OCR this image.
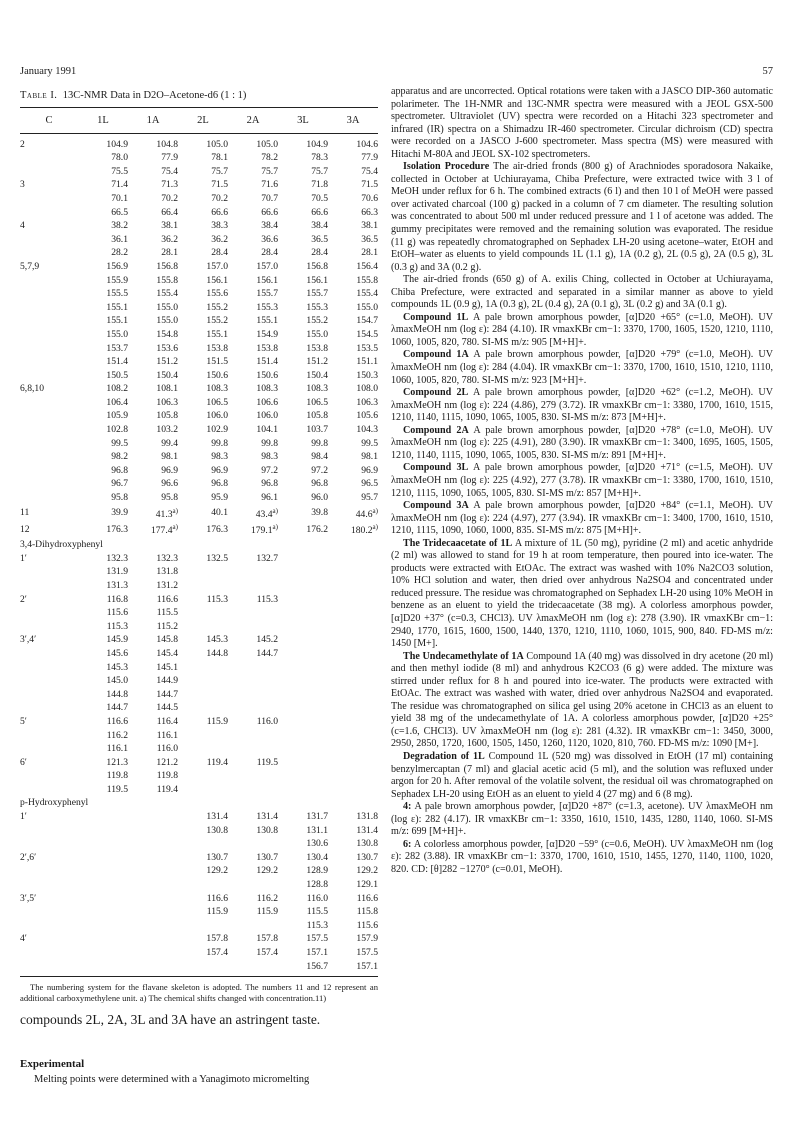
January 1991	57
Table I. 13C-NMR Data in D2O–Acetone-d6 (1 : 1)
C	1L	1A	2L	2A	3L	3A
2	104.9	104.8	105.0	105.0	104.9	104.6
	78.0	77.9	78.1	78.2	78.3	77.9
	75.5	75.4	75.7	75.7	75.7	75.4
3	71.4	71.3	71.5	71.6	71.8	71.5
	70.1	70.2	70.2	70.7	70.5	70.6
	66.5	66.4	66.6	66.6	66.6	66.3
4	38.2	38.1	38.3	38.4	38.4	38.1
	36.1	36.2	36.2	36.6	36.5	36.5
	28.2	28.1	28.4	28.4	28.4	28.1
5,7,9	156.9	156.8	157.0	157.0	156.8	156.4
	155.9	155.8	156.1	156.1	156.1	155.8
	155.5	155.4	155.6	155.7	155.7	155.4
	155.1	155.0	155.2	155.3	155.3	155.0
	155.1	155.0	155.2	155.1	155.2	154.7
	155.0	154.8	155.1	154.9	155.0	154.5
	153.7	153.6	153.8	153.8	153.8	153.5
	151.4	151.2	151.5	151.4	151.2	151.1
	150.5	150.4	150.6	150.6	150.4	150.3
6,8,10	108.2	108.1	108.3	108.3	108.3	108.0
	106.4	106.3	106.5	106.6	106.5	106.3
	105.9	105.8	106.0	106.0	105.8	105.6
	102.8	103.2	102.9	104.1	103.7	104.3
	99.5	99.4	99.8	99.8	99.8	99.5
	98.2	98.1	98.3	98.3	98.4	98.1
	96.8	96.9	96.9	97.2	97.2	96.9
	96.7	96.6	96.8	96.8	96.8	96.5
	95.8	95.8	95.9	96.1	96.0	95.7
11	39.9	41.3$^{a)}$	40.1	43.4$^{a)}$	39.8	44.6$^{a)}$
12	176.3	177.4$^{a)}$	176.3	179.1$^{a)}$	176.2	180.2$^{a)}$
3,4-Dihydroxyphenyl						
1′	132.3	132.3	132.5	132.7		
	131.9	131.8				
	131.3	131.2				
2′	116.8	116.6	115.3	115.3		
	115.6	115.5				
	115.3	115.2				
3′,4′	145.9	145.8	145.3	145.2		
	145.6	145.4	144.8	144.7		
	145.3	145.1				
	145.0	144.9				
	144.8	144.7				
	144.7	144.5				
5′	116.6	116.4	115.9	116.0		
	116.2	116.1				
	116.1	116.0				
6′	121.3	121.2	119.4	119.5		
	119.8	119.8				
	119.5	119.4				
p-Hydroxyphenyl						
1′			131.4	131.4	131.7	131.8
			130.8	130.8	131.1	131.4
					130.6	130.8
2′,6′			130.7	130.7	130.4	130.7
			129.2	129.2	128.9	129.2
					128.8	129.1
3′,5′			116.6	116.2	116.0	116.6
			115.9	115.9	115.5	115.8
					115.3	115.6
4′			157.8	157.8	157.5	157.9
			157.4	157.4	157.1	157.5
					156.7	157.1
The numbering system for the flavane skeleton is adopted. The numbers 11 and 12 represent an additional carboxymethylene unit. a) The chemical shifts changed with concentration.11)
compounds 2L, 2A, 3L and 3A have an astringent taste.
Experimental
Melting points were determined with a Yanagimoto micromelting

apparatus and are uncorrected. Optical rotations were taken with a JASCO DIP-360 automatic polarimeter. The 1H-NMR and 13C-NMR spectra were measured with a JEOL GSX-500 spectrometer. Ultraviolet (UV) spectra were recorded on a Hitachi 323 spectrometer and infrared (IR) spectra on a Shimadzu IR-460 spectrometer. Circular dichroism (CD) spectra were recorded on a JASCO J-600 spectrometer. Mass spectra (MS) were measured with Hitachi M-80A and JEOL SX-102 spectrometers.

Isolation Procedure The air-dried fronds (800 g) of Arachniodes sporadosora Nakaike, collected in October at Uchiurayama, Chiba Prefecture, were extracted twice with 3 l of MeOH under reflux for 6 h. The combined extracts (6 l) and then 10 l of MeOH were passed over activated charcoal (100 g) packed in a column of 7 cm diameter. The resulting solution was concentrated to about 500 ml under reduced pressure and 1 l of acetone was added. The gummy precipitates were removed and the remaining solution was evaporated. The residue (11 g) was repeatedly chromatographed on Sephadex LH-20 using acetone–water, EtOH and EtOH–water as eluents to yield compounds 1L (1.1 g), 1A (0.2 g), 2L (0.5 g), 2A (0.5 g), 3L (0.3 g) and 3A (0.2 g).

The air-dried fronds (650 g) of A. exilis Ching, collected in October at Uchiurayama, Chiba Prefecture, were extracted and separated in a similar manner as above to yield compounds 1L (0.9 g), 1A (0.3 g), 2L (0.4 g), 2A (0.1 g), 3L (0.2 g) and 3A (0.1 g).

Compound 1L A pale brown amorphous powder, [α]D20 +65° (c=1.0, MeOH). UV λmaxMeOH nm (log ε): 284 (4.10). IR νmaxKBr cm−1: 3370, 1700, 1605, 1520, 1210, 1110, 1060, 1005, 820, 780. SI-MS m/z: 905 [M+H]+.

Compound 1A A pale brown amorphous powder, [α]D20 +79° (c=1.0, MeOH). UV λmaxMeOH nm (log ε): 284 (4.04). IR νmaxKBr cm−1: 3370, 1700, 1610, 1510, 1210, 1110, 1060, 1005, 820, 780. SI-MS m/z: 923 [M+H]+.

Compound 2L A pale brown amorphous powder, [α]D20 +62° (c=1.2, MeOH). UV λmaxMeOH nm (log ε): 224 (4.86), 279 (3.72). IR νmaxKBr cm−1: 3380, 1700, 1610, 1515, 1210, 1140, 1115, 1090, 1065, 1005, 830. SI-MS m/z: 873 [M+H]+.

Compound 2A A pale brown amorphous powder, [α]D20 +78° (c=1.0, MeOH). UV λmaxMeOH nm (log ε): 225 (4.91), 280 (3.90). IR νmaxKBr cm−1: 3400, 1695, 1605, 1505, 1210, 1140, 1115, 1090, 1065, 1005, 830. SI-MS m/z: 891 [M+H]+.

Compound 3L A pale brown amorphous powder, [α]D20 +71° (c=1.5, MeOH). UV λmaxMeOH nm (log ε): 225 (4.92), 277 (3.78). IR νmaxKBr cm−1: 3380, 1700, 1610, 1510, 1210, 1115, 1090, 1065, 1005, 830. SI-MS m/z: 857 [M+H]+.

Compound 3A A pale brown amorphous powder, [α]D20 +84° (c=1.1, MeOH). UV λmaxMeOH nm (log ε): 224 (4.97), 277 (3.94). IR νmaxKBr cm−1: 3400, 1700, 1610, 1510, 1210, 1115, 1090, 1060, 1000, 835. SI-MS m/z: 875 [M+H]+.

The Tridecaacetate of 1L A mixture of 1L (50 mg), pyridine (2 ml) and acetic anhydride (2 ml) was allowed to stand for 19 h at room temperature, then poured into ice-water. The products were extracted with EtOAc. The extract was washed with 10% Na2CO3 solution, 10% HCl solution and water, then dried over anhydrous Na2SO4 and concentrated under reduced pressure. The residue was chromatographed on Sephadex LH-20 using 10% MeOH in benzene as an eluent to yield the tridecaacetate (38 mg). A colorless amorphous powder, [α]D20 +37° (c=0.3, CHCl3). UV λmaxMeOH nm (log ε): 278 (3.90). IR νmaxKBr cm−1: 2940, 1770, 1615, 1600, 1500, 1440, 1370, 1210, 1110, 1060, 1015, 900, 840. FD-MS m/z: 1450 [M+].

The Undecamethylate of 1A Compound 1A (40 mg) was dissolved in dry acetone (20 ml) and then methyl iodide (8 ml) and anhydrous K2CO3 (6 g) were added. The mixture was stirred under reflux for 8 h and poured into ice-water. The products were extracted with EtOAc. The extract was washed with water, dried over anhydrous Na2SO4 and evaporated. The residue was chromatographed on silica gel using 20% acetone in CHCl3 as an eluent to yield 38 mg of the undecamethylate of 1A. A colorless amorphous powder, [α]D20 +25° (c=1.6, CHCl3). UV λmaxMeOH nm (log ε): 281 (4.32). IR νmaxKBr cm−1: 3450, 3000, 2950, 2850, 1720, 1600, 1505, 1450, 1260, 1120, 1020, 810, 760. FD-MS m/z: 1090 [M+].

Degradation of 1L Compound 1L (520 mg) was dissolved in EtOH (17 ml) containing benzylmercaptan (7 ml) and glacial acetic acid (5 ml), and the solution was refluxed under argon for 20 h. After removal of the volatile solvent, the residual oil was chromatographed on Sephadex LH-20 using EtOH as an eluent to yield 4 (27 mg) and 6 (8 mg).

4: A pale brown amorphous powder, [α]D20 +87° (c=1.3, acetone). UV λmaxMeOH nm (log ε): 282 (4.17). IR νmaxKBr cm−1: 3350, 1610, 1510, 1435, 1280, 1140, 1060. SI-MS m/z: 699 [M+H]+.

6: A colorless amorphous powder, [α]D20 −59° (c=0.6, MeOH). UV λmaxMeOH nm (log ε): 282 (3.88). IR νmaxKBr cm−1: 3370, 1700, 1610, 1510, 1455, 1270, 1140, 1100, 1020, 820. CD: [θ]282 −1270° (c=0.01, MeOH).
